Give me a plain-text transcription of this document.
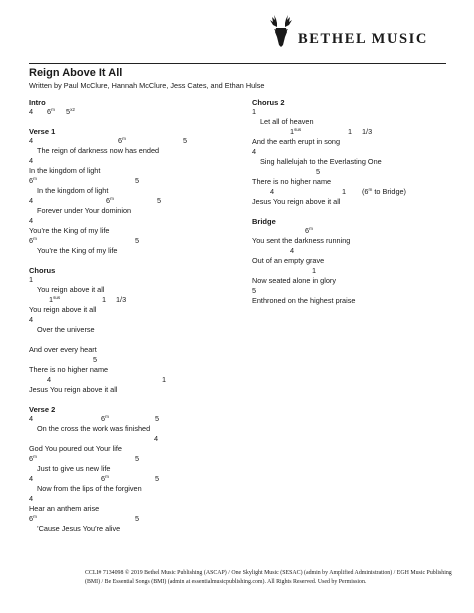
BETHEL MUSIC
Reign Above It All
Written by Paul McClure, Hannah McClure, Jess Cates, and Ethan Hulse
Intro
4 6$^m$ $5^{x2}$
Verse 1
4	6$^m$	5
The reign of darkness now has ended
4
In the kingdom of light
6$^m$	5
In the kingdom of light
4	6$^m$	5
Forever under Your dominion
4
You’re the King of my life
6$^m$	5
You’re the King of my life
Chorus
1
You reign above it all
$1^{sus}$	1 1/3
You reign above it all
4
Over the universe
And over every heart
5
There is no higher name
4	1
Jesus You reign above it all
Verse 2
4	6$^m$	5
On the cross the work was finished
4
God You poured out Your life
6$^m$	5
Just to give us new life
4	6$^m$	5
Now from the lips of the forgiven
4
Hear an anthem arise
6$^m$	5
’Cause Jesus You’re alive
Chorus 2
1
Let all of heaven
$1^{sus}$	1 1/3
And the earth erupt in song
4
Sing hallelujah to the Everlasting One
5
There is no higher name
4	1 (6$^m$ to Bridge)
Jesus You reign above it all
Bridge
6$^m$
You sent the darkness running
4
Out of an empty grave
1
Now seated alone in glory
5
Enthroned on the highest praise
CCLI# 7134098 © 2019 Bethel Music Publishing (ASCAP) / One Skylight Music (SESAC) (admin by Amplified Administration) / EGH Music Publishing (BMI) / Be Essential Songs (BMI) (admin at essentialmusicpublishing.com). All Rights Reserved. Used by Permission.
